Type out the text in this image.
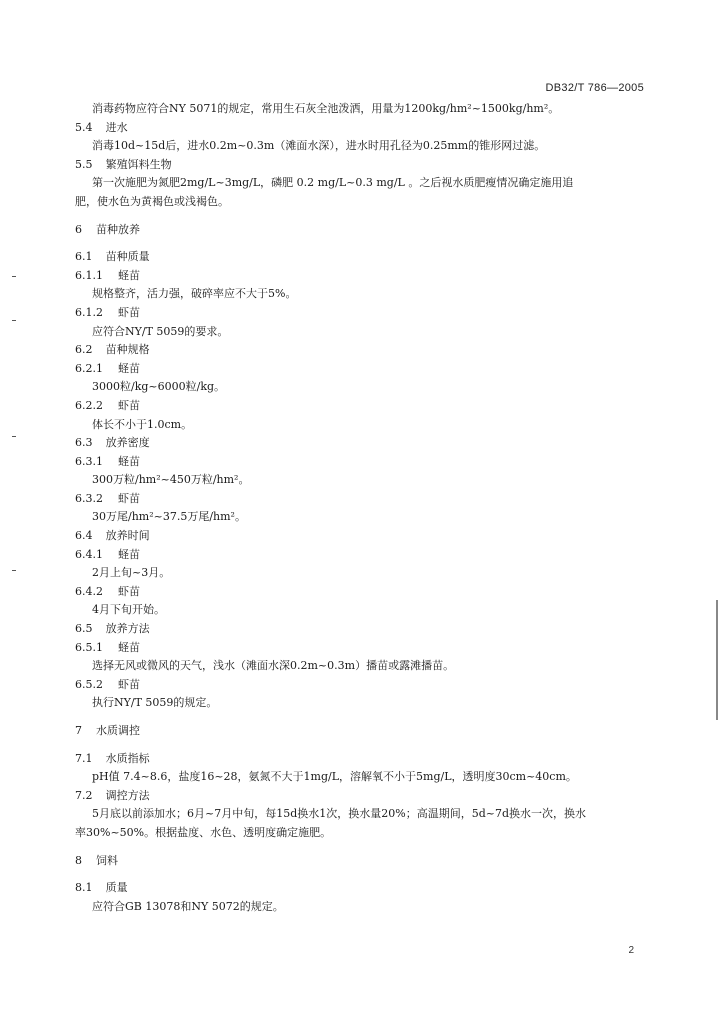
DB32/T 786—2005
消毒药物应符合NY 5071的规定，常用生石灰全池泼洒，用量为1200kg/hm²~1500kg/hm²。
5.4 进水
消毒10d~15d后，进水0.2m~0.3m（滩面水深），进水时用孔径为0.25mm的锥形网过滤。
5.5 繁殖饵料生物
第一次施肥为氮肥2mg/L~3mg/L，磷肥 0.2 mg/L~0.3 mg/L 。之后视水质肥瘦情况确定施用追
肥，使水色为黄褐色或浅褐色。
6 苗种放养
6.1 苗种质量
6.1.1 蛏苗
规格整齐，活力强，破碎率应不大于5%。
6.1.2 虾苗
应符合NY/T 5059的要求。
6.2 苗种规格
6.2.1 蛏苗
3000粒/kg~6000粒/kg。
6.2.2 虾苗
体长不小于1.0cm。
6.3 放养密度
6.3.1 蛏苗
300万粒/hm²~450万粒/hm²。
6.3.2 虾苗
30万尾/hm²~37.5万尾/hm²。
6.4 放养时间
6.4.1 蛏苗
2月上旬~3月。
6.4.2 虾苗
4月下旬开始。
6.5 放养方法
6.5.1 蛏苗
选择无风或微风的天气，浅水（滩面水深0.2m~0.3m）播苗或露滩播苗。
6.5.2 虾苗
执行NY/T 5059的规定。
7 水质调控
7.1 水质指标
pH值 7.4~8.6，盐度16~28，氨氮不大于1mg/L，溶解氧不小于5mg/L，透明度30cm~40cm。
7.2 调控方法
5月底以前添加水；6月~7月中旬，每15d换水1次，换水量20%；高温期间，5d~7d换水一次，换水
率30%~50%。根据盐度、水色、透明度确定施肥。
8 饲料
8.1 质量
应符合GB 13078和NY 5072的规定。
2
